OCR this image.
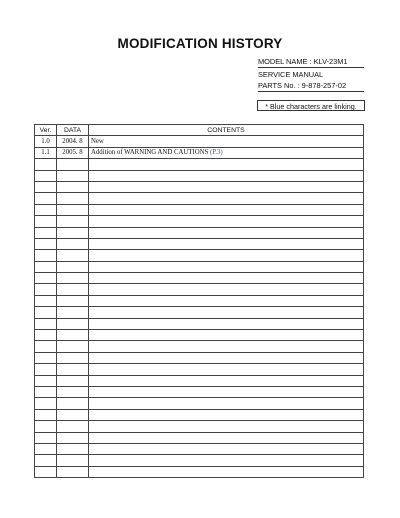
MODIFICATION HISTORY
MODEL NAME : KLV-23M1
SERVICE MANUAL
PARTS No. : 9-878-257-02
* Blue characters are linking.
Ver.	DATA	CONTENTS
1.0	2004. 8	New
1.1	2005. 8	Addition of WARNING AND CAUTIONS (P.3)
